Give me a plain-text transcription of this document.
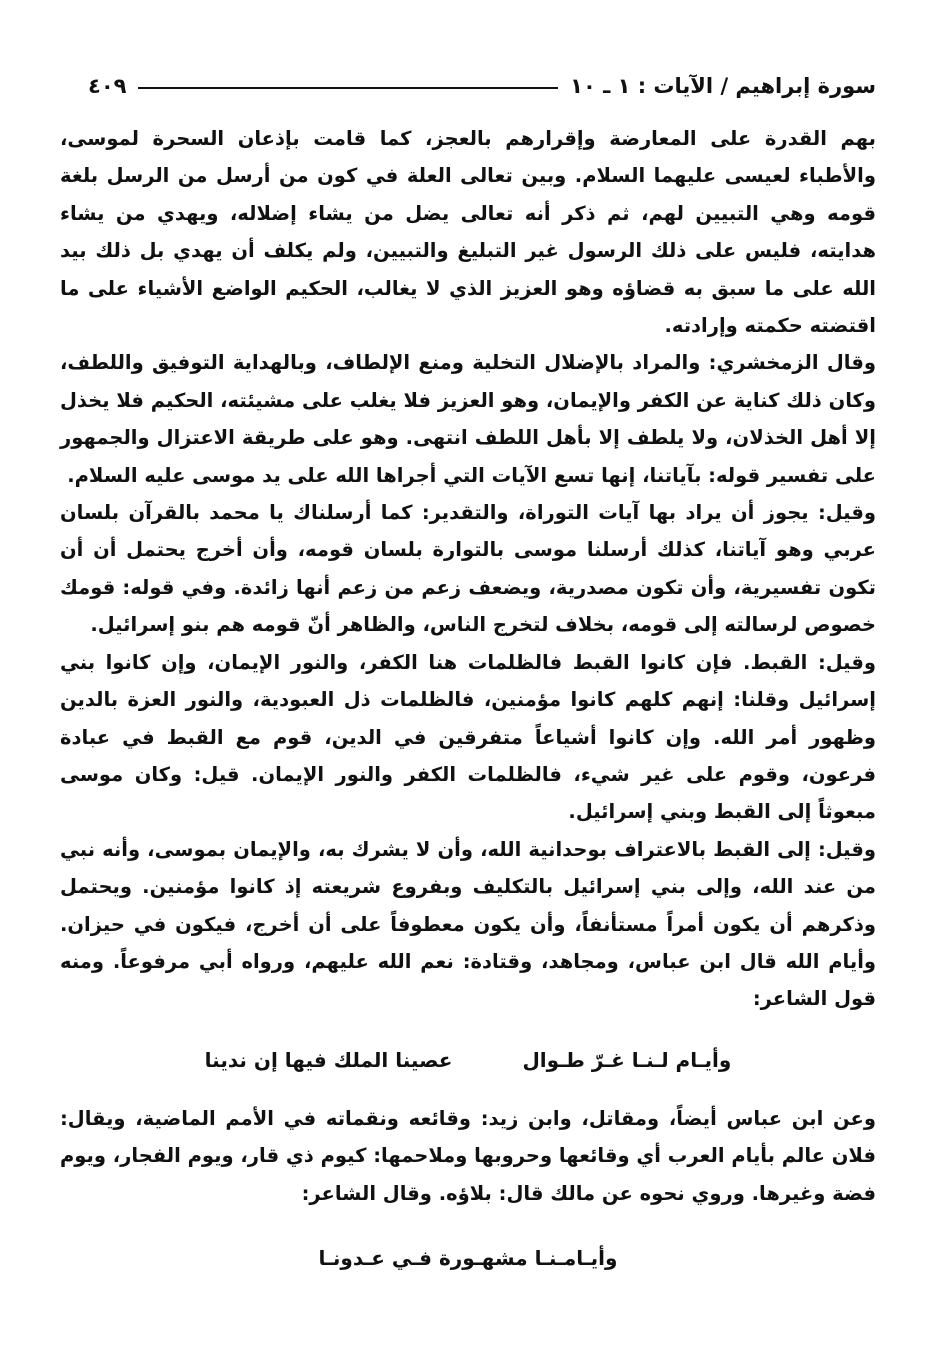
سورة إبراهيم / الآيات : ١ ـ ١٠
٤٠٩

بهم القدرة على المعارضة وإقرارهم بالعجز، كما قامت بإذعان السحرة لموسى، والأطباء لعيسى عليهما السلام. وبين تعالى العلة في كون من أرسل من الرسل بلغة قومه وهي التبيين لهم، ثم ذكر أنه تعالى يضل من يشاء إضلاله، ويهدي من يشاء هدايته، فليس على ذلك الرسول غير التبليغ والتبيين، ولم يكلف أن يهدي بل ذلك بيد الله على ما سبق به قضاؤه وهو العزيز الذي لا يغالب، الحكيم الواضع الأشياء على ما اقتضته حكمته وإرادته.

وقال الزمخشري: والمراد بالإضلال التخلية ومنع الإلطاف، وبالهداية التوفيق واللطف، وكان ذلك كناية عن الكفر والإيمان، وهو العزيز فلا يغلب على مشيئته، الحكيم فلا يخذل إلا أهل الخذلان، ولا يلطف إلا بأهل اللطف انتهى. وهو على طريقة الاعتزال والجمهور على تفسير قوله: بآياتنا، إنها تسع الآيات التي أجراها الله على يد موسى عليه السلام.

وقيل: يجوز أن يراد بها آيات التوراة، والتقدير: كما أرسلناك يا محمد بالقرآن بلسان عربي وهو آياتنا، كذلك أرسلنا موسى بالتوارة بلسان قومه، وأن أخرج يحتمل أن أن تكون تفسيرية، وأن تكون مصدرية، ويضعف زعم من زعم أنها زائدة. وفي قوله: قومك خصوص لرسالته إلى قومه، بخلاف لتخرج الناس، والظاهر أنّ قومه هم بنو إسرائيل.

وقيل: القبط. فإن كانوا القبط فالظلمات هنا الكفر، والنور الإيمان، وإن كانوا بني إسرائيل وقلنا: إنهم كلهم كانوا مؤمنين، فالظلمات ذل العبودية، والنور العزة بالدين وظهور أمر الله. وإن كانوا أشياعاً متفرقين في الدين، قوم مع القبط في عبادة فرعون، وقوم على غير شيء، فالظلمات الكفر والنور الإيمان. قيل: وكان موسى مبعوثاً إلى القبط وبني إسرائيل.

وقيل: إلى القبط بالاعتراف بوحدانية الله، وأن لا يشرك به، والإيمان بموسى، وأنه نبي من عند الله، وإلى بني إسرائيل بالتكليف وبفروع شريعته إذ كانوا مؤمنين. ويحتمل وذكرهم أن يكون أمراً مستأنفاً، وأن يكون معطوفاً على أن أخرج، فيكون في حيزان. وأيام الله قال ابن عباس، ومجاهد، وقتادة: نعم الله عليهم، ورواه أبي مرفوعاً. ومنه قول الشاعر:

وأيـام لـنـا غـرّ طـوال
عصينا الملك فيها إن ندينا

وعن ابن عباس أيضاً، ومقاتل، وابن زيد: وقائعه ونقماته في الأمم الماضية، ويقال: فلان عالم بأيام العرب أي وقائعها وحروبها وملاحمها: كيوم ذي قار، ويوم الفجار، ويوم فضة وغيرها. وروي نحوه عن مالك قال: بلاؤه. وقال الشاعر:

وأيـامـنـا مشهـورة فـي عـدونـا
